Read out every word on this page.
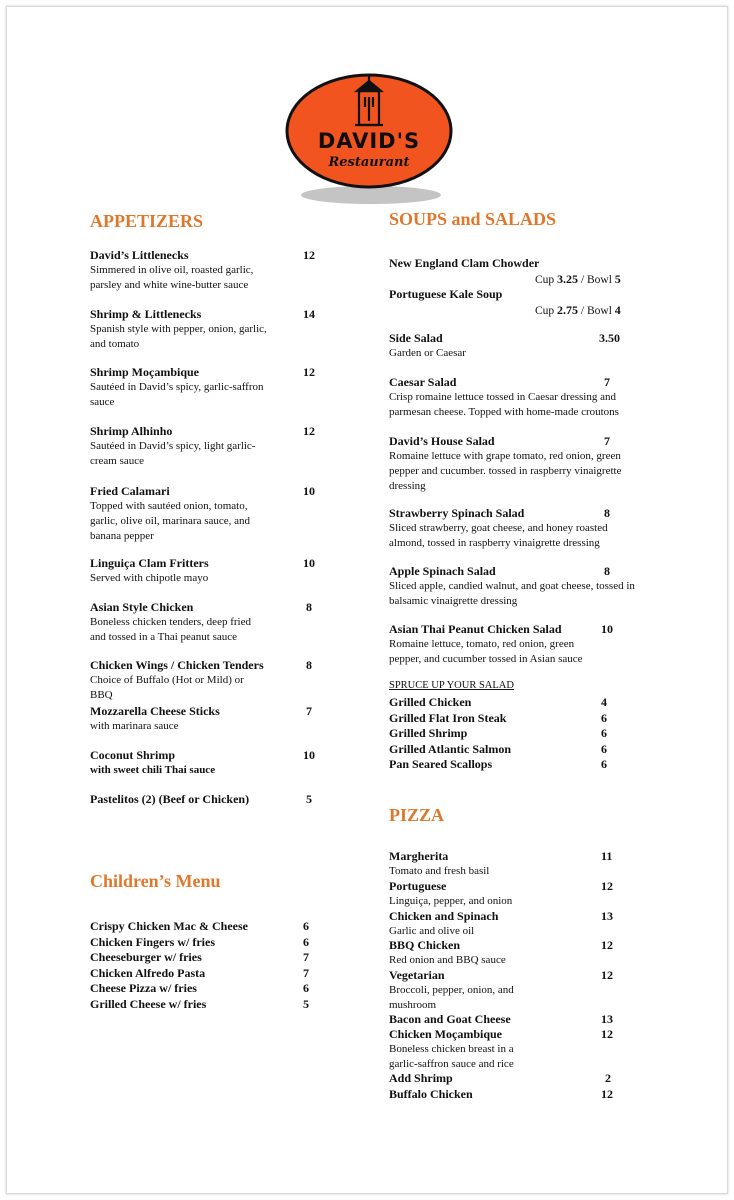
DAVID'S
Restaurant
APPETIZERS
David’s Littlenecks	12
Simmered in olive oil, roasted garlic, parsley and white wine-butter sauce
Shrimp & Littlenecks	14
Spanish style with pepper, onion, garlic, and tomato
Shrimp Moçambique	12
Sautéed in David’s spicy, garlic-saffron sauce
Shrimp Alhinho	12
Sautéed in David’s spicy, light garlic-cream sauce
Fried Calamari	10
Topped with sautéed onion, tomato, garlic, olive oil, marinara sauce, and banana pepper
Linguiça Clam Fritters	10
Served with chipotle mayo
Asian Style Chicken	8
Boneless chicken tenders, deep fried and tossed in a Thai peanut sauce
Chicken Wings / Chicken Tenders	8
Choice of Buffalo (Hot or Mild) or BBQ
Mozzarella Cheese Sticks	7
with marinara sauce
Coconut Shrimp	10
with sweet chili Thai sauce
Pastelitos (2) (Beef or Chicken)	5
Children’s Menu
Crispy Chicken Mac & Cheese	6
Chicken Fingers w/ fries	6
Cheeseburger w/ fries	7
Chicken Alfredo Pasta	7
Cheese Pizza w/ fries	6
Grilled Cheese w/ fries	5
SOUPS and SALADS
New England Clam Chowder
Cup 3.25 / Bowl 5
Portuguese Kale Soup
Cup 2.75 / Bowl 4
Side Salad	3.50
Garden or Caesar
Caesar Salad	7
Crisp romaine lettuce tossed in Caesar dressing and parmesan cheese. Topped with home-made croutons
David’s House Salad	7
Romaine lettuce with grape tomato, red onion, green pepper and cucumber. tossed in raspberry vinaigrette dressing
Strawberry Spinach Salad	8
Sliced strawberry, goat cheese, and honey roasted almond, tossed in raspberry vinaigrette dressing
Apple Spinach Salad	8
Sliced apple, candied walnut, and goat cheese, tossed in balsamic vinaigrette dressing
Asian Thai Peanut Chicken Salad	10
Romaine lettuce, tomato, red onion, green pepper, and cucumber tossed in Asian sauce
SPRUCE UP YOUR SALAD
Grilled Chicken	4
Grilled Flat Iron Steak	6
Grilled Shrimp	6
Grilled Atlantic Salmon	6
Pan Seared Scallops	6
PIZZA
Margherita	11
Tomato and fresh basil
Portuguese	12
Linguiça, pepper, and onion
Chicken and Spinach	13
Garlic and olive oil
BBQ Chicken	12
Red onion and BBQ sauce
Vegetarian	12
Broccoli, pepper, onion, and mushroom
Bacon and Goat Cheese	13
Chicken Moçambique	12
Boneless chicken breast in a garlic-saffron sauce and rice
Add Shrimp	2
Buffalo Chicken	12
